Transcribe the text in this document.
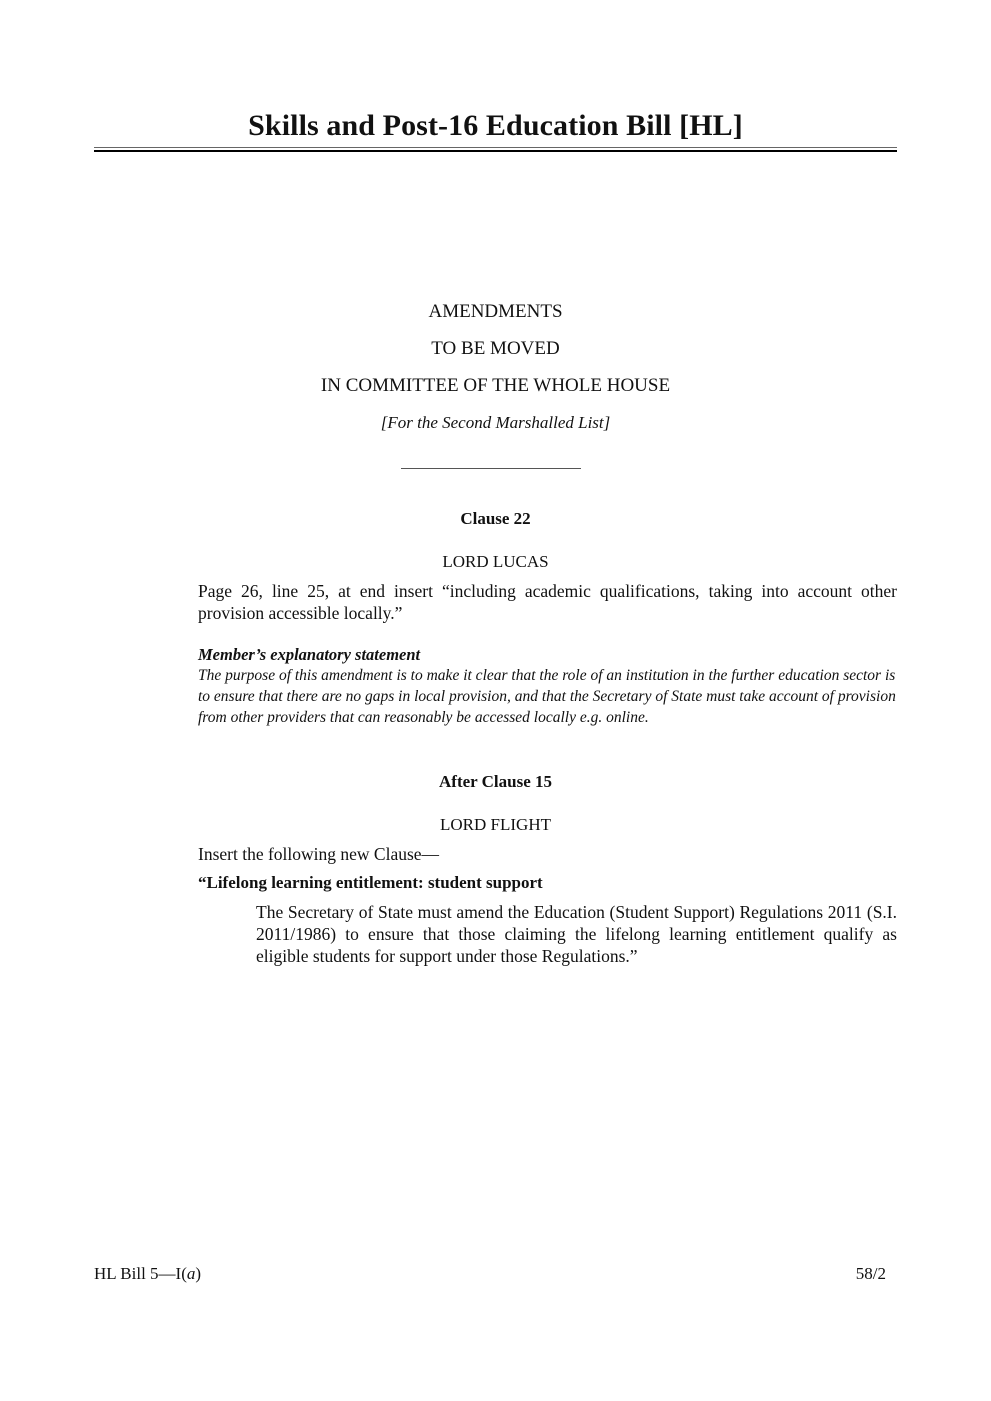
Skills and Post-16 Education Bill [HL]
AMENDMENTS
TO BE MOVED
IN COMMITTEE OF THE WHOLE HOUSE
[For the Second Marshalled List]
Clause 22
LORD LUCAS
Page 26, line 25, at end insert “including academic qualifications, taking into account other provision accessible locally.”
Member’s explanatory statement
The purpose of this amendment is to make it clear that the role of an institution in the further education sector is to ensure that there are no gaps in local provision, and that the Secretary of State must take account of provision from other providers that can reasonably be accessed locally e.g. online.
After Clause 15
LORD FLIGHT
Insert the following new Clause—
“Lifelong learning entitlement: student support
The Secretary of State must amend the Education (Student Support) Regulations 2011 (S.I. 2011/1986) to ensure that those claiming the lifelong learning entitlement qualify as eligible students for support under those Regulations.”
HL Bill 5—I(a)	58/2
